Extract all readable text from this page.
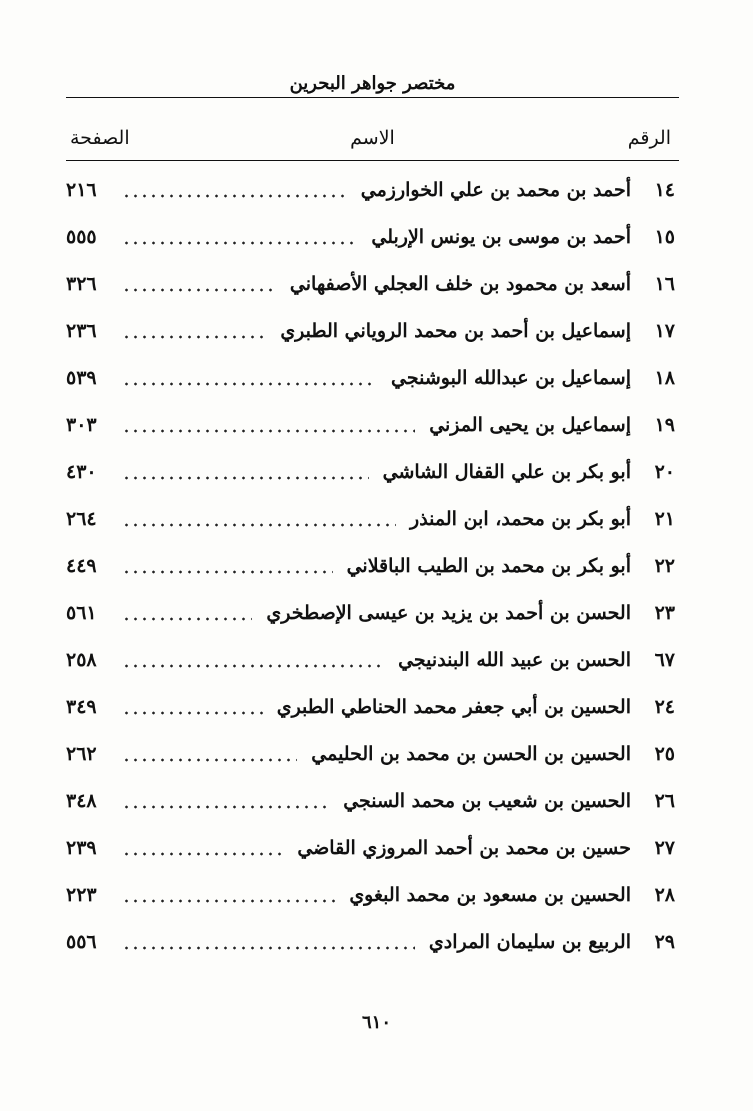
مختصر جواهر البحرين
الرقم
الاسم
الصفحة
١٤
أحمد بن محمد بن علي الخوارزمي
٢١٦
١٥
أحمد بن موسى بن يونس الإربلي
٥٥٥
١٦
أسعد بن محمود بن خلف العجلي الأصفهاني
٣٢٦
١٧
إسماعيل بن أحمد بن محمد الروياني الطبري
٢٣٦
١٨
إسماعيل بن عبدالله البوشنجي
٥٣٩
١٩
إسماعيل بن يحيى المزني
٣٠٣
٢٠
أبو بكر بن علي القفال الشاشي
٤٣٠
٢١
أبو بكر بن محمد، ابن المنذر
٢٦٤
٢٢
أبو بكر بن محمد بن الطيب الباقلاني
٤٤٩
٢٣
الحسن بن أحمد بن يزيد بن عيسى الإصطخري
٥٦١
٦٧
الحسن بن عبيد الله البندنيجي
٢٥٨
٢٤
الحسين بن أبي جعفر محمد الحناطي الطبري
٣٤٩
٢٥
الحسين بن الحسن بن محمد بن الحليمي
٢٦٢
٢٦
الحسين بن شعيب بن محمد السنجي
٣٤٨
٢٧
حسين بن محمد بن أحمد المروزي القاضي
٢٣٩
٢٨
الحسين بن مسعود بن محمد البغوي
٢٢٣
٢٩
الربيع بن سليمان المرادي
٥٥٦
٦١٠
